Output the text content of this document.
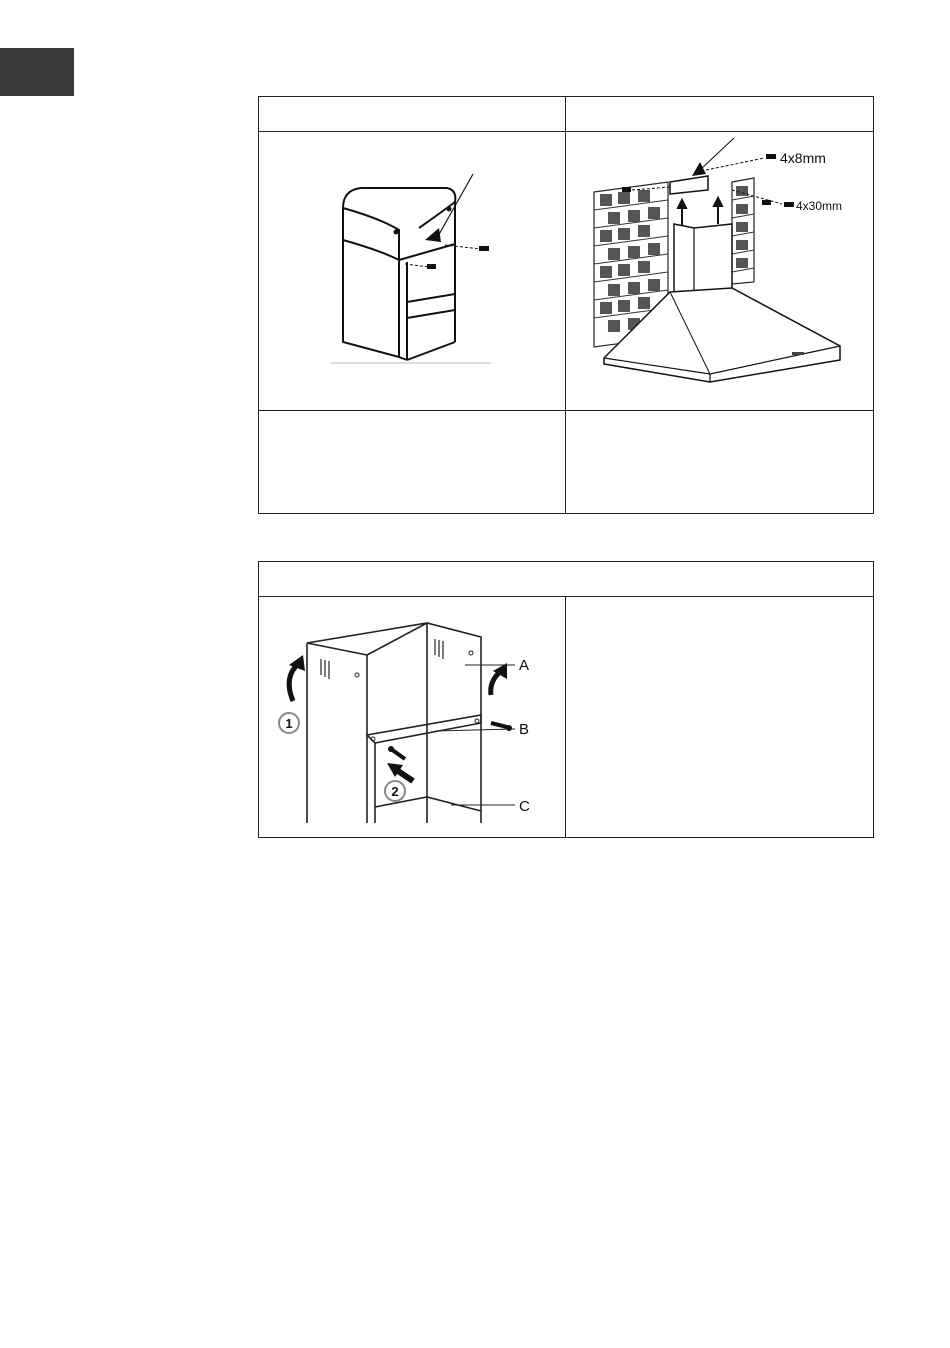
4x8mm
4x30mm

1
2
A
B
C
